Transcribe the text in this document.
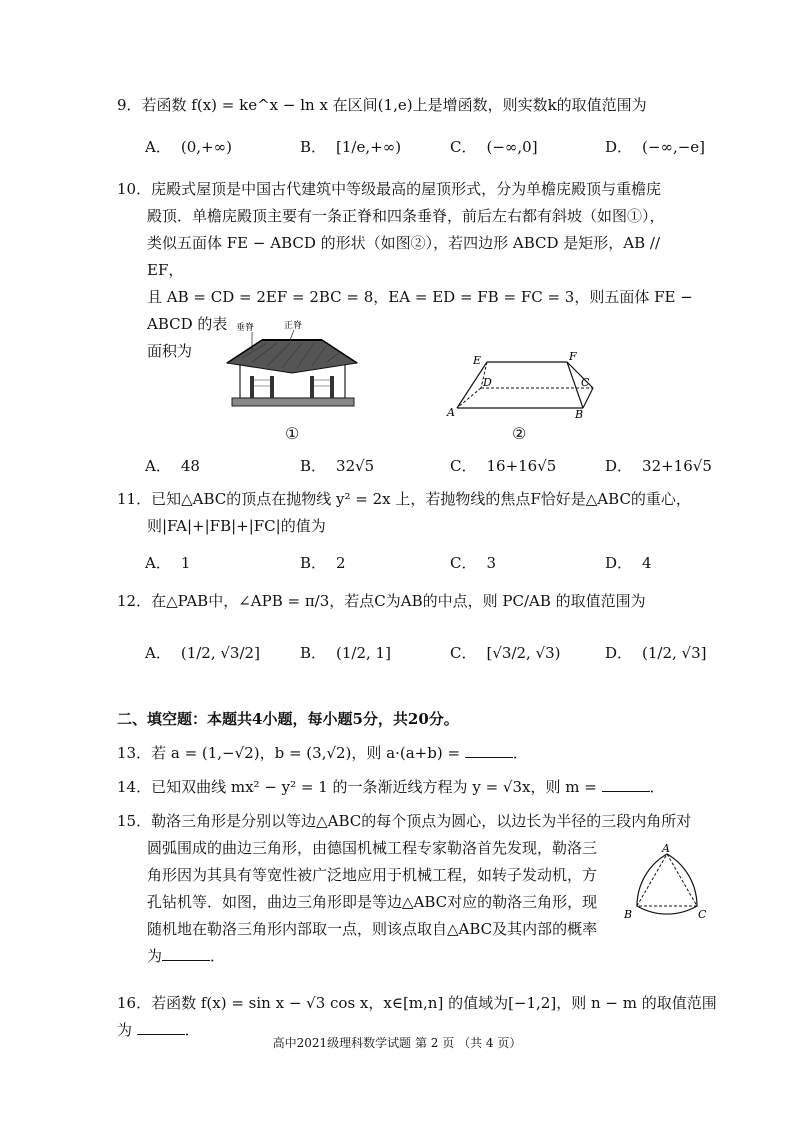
9．若函数 f(x) = ke^x − ln x 在区间(1,e)上是增函数，则实数k的取值范围为
A． (0,+∞)	B． [1/e,+∞)	C． (−∞,0]	D． (−∞,−e]
10．庑殿式屋顶是中国古代建筑中等级最高的屋顶形式，分为单檐庑殿顶与重檐庑
殿顶．单檐庑殿顶主要有一条正脊和四条垂脊，前后左右都有斜坡（如图①），
类似五面体 FE − ABCD 的形状（如图②），若四边形 ABCD 是矩形，AB // EF，
且 AB = CD = 2EF = 2BC = 8，EA = ED = FB = FC = 3，则五面体 FE − ABCD 的表
面积为
垂脊	正脊
①
E	F
D	C
A	B
②
A． 48	B． 32√5	C． 16+16√5	D． 32+16√5
11．已知△ABC的顶点在抛物线 y² = 2x 上，若抛物线的焦点F恰好是△ABC的重心，
则|FA|+|FB|+|FC|的值为
A． 1	B． 2	C． 3	D． 4
12．在△PAB中，∠APB = π/3，若点C为AB的中点，则 PC/AB 的取值范围为
A． (1/2, √3/2]	B． (1/2, 1]	C． [√3/2, √3)	D． (1/2, √3]
二、填空题：本题共4小题，每小题5分，共20分。
13．若 a = (1,−√2)，b = (3,√2)，则 a·(a+b) =	．
14．已知双曲线 mx² − y² = 1 的一条渐近线方程为 y = √3x，则 m =	．
15．勒洛三角形是分别以等边△ABC的每个顶点为圆心，以边长为半径的三段内角所对
圆弧围成的曲边三角形，由德国机械工程专家勒洛首先发现，勒洛三
角形因为其具有等宽性被广泛地应用于机械工程，如转子发动机，方
孔钻机等．如图，曲边三角形即是等边△ABC对应的勒洛三角形，现
随机地在勒洛三角形内部取一点，则该点取自△ABC及其内部的概率
为	．
A
B	C
16．若函数 f(x) = sin x − √3 cos x，x∈[m,n] 的值域为[−1,2]，则 n − m 的取值范围为	．
高中2021级理科数学试题 第 2 页 （共 4 页）
